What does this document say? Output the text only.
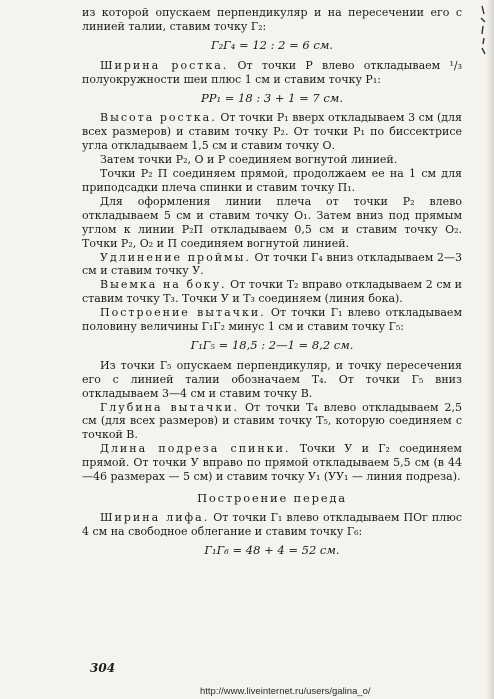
из которой опускаем перпендикуляр и на пересечении его с линией талии, ставим точку Г₂:

Г₂Г₄ = 12 : 2 = 6 см.

Ширина ростка. От точки Р влево откладываем ¹/₃ полуокружности шеи плюс 1 см и ставим точку Р₁:

РР₁ = 18 : 3 + 1 = 7 см.

Высота ростка. От точки Р₁ вверх откладываем 3 см (для всех размеров) и ставим точку Р₂. От точки Р₁ по биссектрисе угла откладываем 1,5 см и ставим точку О.

Затем точки Р₂, О и Р соединяем вогнутой линией.

Точки Р₂ П соединяем прямой, продолжаем ее на 1 см для приподсадки плеча спинки и ставим точку П₁.

Для оформления линии плеча от точки Р₂ влево откладываем 5 см и ставим точку О₁. Затем вниз под прямым углом к линии Р₂П откладываем 0,5 см и ставим точку О₂. Точки Р₂, О₂ и П соединяем вогнутой линией.

Удлинение проймы. От точки Г₄ вниз откладываем 2—3 см и ставим точку У.

Выемка на боку. От точки Т₂ вправо откладываем 2 см и ставим точку Т₃. Точки У и Т₃ соединяем (линия бока).

Построение вытачки. От точки Г₁ влево откладываем половину величины Г₁Г₂ минус 1 см и ставим точку Г₅:

Г₁Г₅ = 18,5 : 2—1 = 8,2 см.

Из точки Г₅ опускаем перпендикуляр, и точку пересечения его с линией талии обозначаем Т₄. От точки Г₅ вниз откладываем 3—4 см и ставим точку В.

Глубина вытачки. От точки Т₄ влево откладываем 2,5 см (для всех размеров) и ставим точку Т₅, которую соединяем с точкой В.

Длина подреза спинки. Точки У и Г₂ соединяем прямой. От точки У вправо по прямой откладываем 5,5 см (в 44—46 размерах — 5 см) и ставим точку У₁ (УУ₁ — линия подреза).

Построение переда

Ширина лифа. От точки Г₁ влево откладываем ПОг плюс 4 см на свободное облегание и ставим точку Г₆:

Г₁Г₆ = 48 + 4 = 52 см.

304
http://www.liveinternet.ru/users/galina_o/
